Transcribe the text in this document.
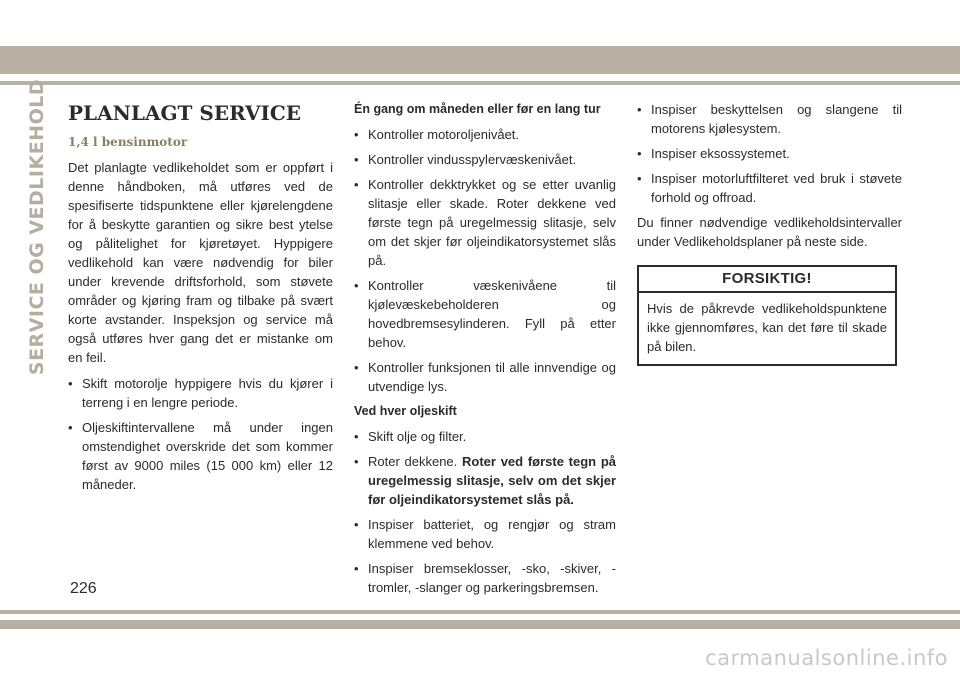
SERVICE OG VEDLIKEHOLD PLANLAGT SERVICE
1,4 l bensinmotor

Det planlagte vedlikeholdet som er oppført i denne håndboken, må utføres ved de spesifiserte tidspunktene eller kjørelengdene for å beskytte garantien og sikre best ytelse og pålitelighet for kjøretøyet. Hyppigere vedlikehold kan være nødvendig for biler under krevende driftsforhold, som støvete områder og kjøring fram og tilbake på svært korte avstander. Inspeksjon og service må også utføres hver gang det er mistanke om en feil.

• Skift motorolje hyppigere hvis du kjører i terreng i en lengre periode.
• Oljeskiftintervallene må under ingen omstendighet overskride det som kommer først av 9000 miles (15 000 km) eller 12 måneder.
Én gang om måneden eller før en lang tur
• Kontroller motoroljenivået.
• Kontroller vindusspylervæskenivået.
• Kontroller dekktrykket og se etter uvanlig slitasje eller skade. Roter dekkene ved første tegn på uregelmessig slitasje, selv om det skjer før oljeindikatorsystemet slås på.
• Kontroller væskenivåene til kjølevæskebeholderen og hovedbremsesylinderen. Fyll på etter behov.
• Kontroller funksjonen til alle innvendige og utvendige lys.
Ved hver oljeskift
• Skift olje og filter.
• Roter dekkene. Roter ved første tegn på uregelmessig slitasje, selv om det skjer før oljeindikatorsystemet slås på.
• Inspiser batteriet, og rengjør og stram klemmene ved behov.
• Inspiser bremseklosser, -sko, -skiver, -tromler, -slanger og parkeringsbremsen.
• Inspiser beskyttelsen og slangene til motorens kjølesystem.
• Inspiser eksossystemet.
• Inspiser motorluftfilteret ved bruk i støvete forhold og offroad.

Du finner nødvendige vedlikeholdsintervaller under Vedlikeholdsplaner på neste side.

FORSIKTIG!
Hvis de påkrevde vedlikeholdspunktene ikke gjennomføres, kan det føre til skade på bilen.
226
carmanualsonline.info
